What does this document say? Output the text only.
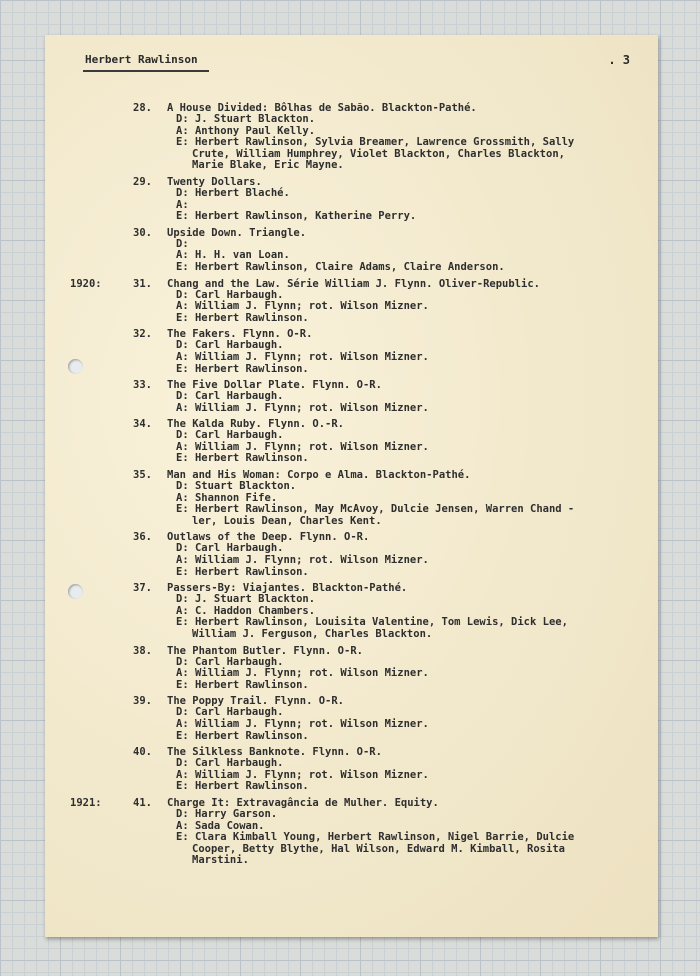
Herbert Rawlinson	. 3
28.	A House Divided: Bôlhas de Sabão. Blackton-Pathé.
D: J. Stuart Blackton.
A: Anthony Paul Kelly.
E: Herbert Rawlinson, Sylvia Breamer, Lawrence Grossmith, Sally
Crute, William Humphrey, Violet Blackton, Charles Blackton,
Marie Blake, Eric Mayne.
29.	Twenty Dollars.
D: Herbert Blaché.
A:
E: Herbert Rawlinson, Katherine Perry.
30.	Upside Down. Triangle.
D:
A: H. H. van Loan.
E: Herbert Rawlinson, Claire Adams, Claire Anderson.
1920:	31.	Chang and the Law. Série William J. Flynn. Oliver-Republic.
D: Carl Harbaugh.
A: William J. Flynn; rot. Wilson Mizner.
E: Herbert Rawlinson.
32.	The Fakers. Flynn. O-R.
D: Carl Harbaugh.
A: William J. Flynn; rot. Wilson Mizner.
E: Herbert Rawlinson.
33.	The Five Dollar Plate. Flynn. O-R.
D: Carl Harbaugh.
A: William J. Flynn; rot. Wilson Mizner.
34.	The Kalda Ruby. Flynn. O.-R.
D: Carl Harbaugh.
A: William J. Flynn; rot. Wilson Mizner.
E: Herbert Rawlinson.
35.	Man and His Woman: Corpo e Alma. Blackton-Pathé.
D: Stuart Blackton.
A: Shannon Fife.
E: Herbert Rawlinson, May McAvoy, Dulcie Jensen, Warren Chand -
ler, Louis Dean, Charles Kent.
36.	Outlaws of the Deep. Flynn. O-R.
D: Carl Harbaugh.
A: William J. Flynn; rot. Wilson Mizner.
E: Herbert Rawlinson.
37.	Passers-By: Viajantes. Blackton-Pathé.
D: J. Stuart Blackton.
A: C. Haddon Chambers.
E: Herbert Rawlinson, Louisita Valentine, Tom Lewis, Dick Lee,
William J. Ferguson, Charles Blackton.
38.	The Phantom Butler. Flynn. O-R.
D: Carl Harbaugh.
A: William J. Flynn; rot. Wilson Mizner.
E: Herbert Rawlinson.
39.	The Poppy Trail. Flynn. O-R.
D: Carl Harbaugh.
A: William J. Flynn; rot. Wilson Mizner.
E: Herbert Rawlinson.
40.	The Silkless Banknote. Flynn. O-R.
D: Carl Harbaugh.
A: William J. Flynn; rot. Wilson Mizner.
E: Herbert Rawlinson.
1921:	41.	Charge It: Extravagância de Mulher. Equity.
D: Harry Garson.
A: Sada Cowan.
E: Clara Kimball Young, Herbert Rawlinson, Nigel Barrie, Dulcie
Cooper, Betty Blythe, Hal Wilson, Edward M. Kimball, Rosita
Marstini.
